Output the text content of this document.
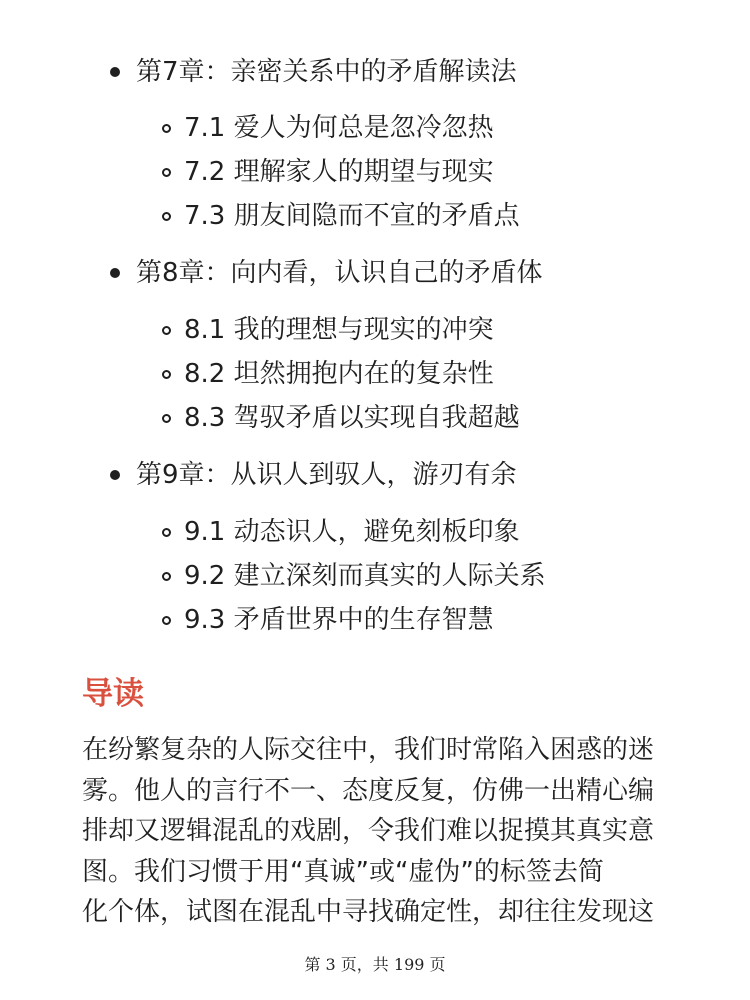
第7章：亲密关系中的矛盾解读法
7.1 爱人为何总是忽冷忽热
7.2 理解家人的期望与现实
7.3 朋友间隐而不宣的矛盾点
第8章：向内看，认识自己的矛盾体
8.1 我的理想与现实的冲突
8.2 坦然拥抱内在的复杂性
8.3 驾驭矛盾以实现自我超越
第9章：从识人到驭人，游刃有余
9.1 动态识人，避免刻板印象
9.2 建立深刻而真实的人际关系
9.3 矛盾世界中的生存智慧
导读

在纷繁复杂的人际交往中，我们时常陷入困惑的迷
雾。他人的言行不一、态度反复，仿佛一出精心编
排却又逻辑混乱的戏剧，令我们难以捉摸其真实意
图。我们习惯于用“真诚”或“虚伪”的标签去简
化个体，试图在混乱中寻找确定性，却往往发现这

第 3 页，共 199 页
